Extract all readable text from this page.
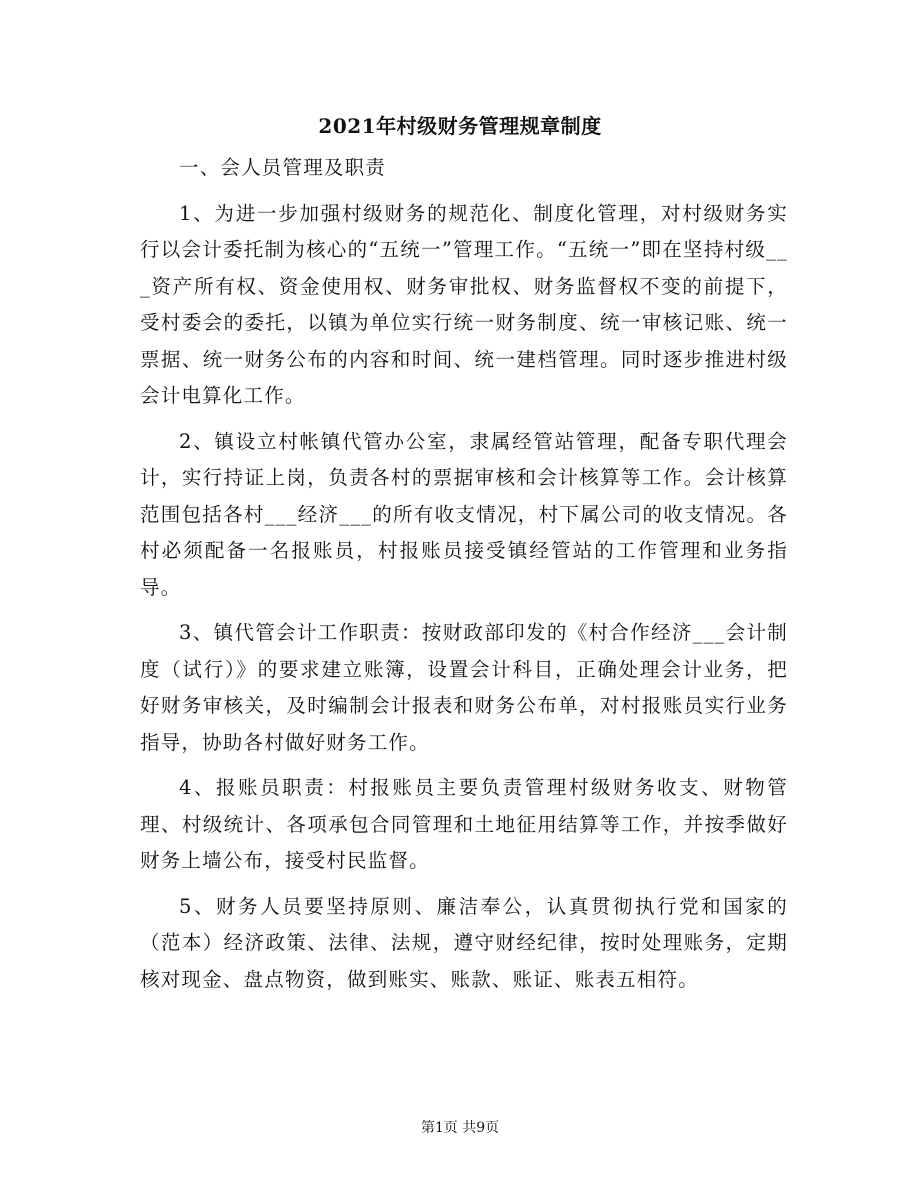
2021年村级财务管理规章制度

一、会人员管理及职责

1、为进一步加强村级财务的规范化、制度化管理，对村级财务实行以会计委托制为核心的“五统一”管理工作。“五统一”即在坚持村级___资产所有权、资金使用权、财务审批权、财务监督权不变的前提下，受村委会的委托，以镇为单位实行统一财务制度、统一审核记账、统一票据、统一财务公布的内容和时间、统一建档管理。同时逐步推进村级会计电算化工作。

2、镇设立村帐镇代管办公室，隶属经管站管理，配备专职代理会计，实行持证上岗，负责各村的票据审核和会计核算等工作。会计核算范围包括各村___经济___的所有收支情况，村下属公司的收支情况。各村必须配备一名报账员，村报账员接受镇经管站的工作管理和业务指导。

3、镇代管会计工作职责：按财政部印发的《村合作经济___会计制度（试行）》的要求建立账簿，设置会计科目，正确处理会计业务，把好财务审核关，及时编制会计报表和财务公布单，对村报账员实行业务指导，协助各村做好财务工作。

4、报账员职责：村报账员主要负责管理村级财务收支、财物管理、村级统计、各项承包合同管理和土地征用结算等工作，并按季做好财务上墙公布，接受村民监督。

5、财务人员要坚持原则、廉洁奉公，认真贯彻执行党和国家的（范本）经济政策、法律、法规，遵守财经纪律，按时处理账务，定期核对现金、盘点物资，做到账实、账款、账证、账表五相符。

第1页 共9页
